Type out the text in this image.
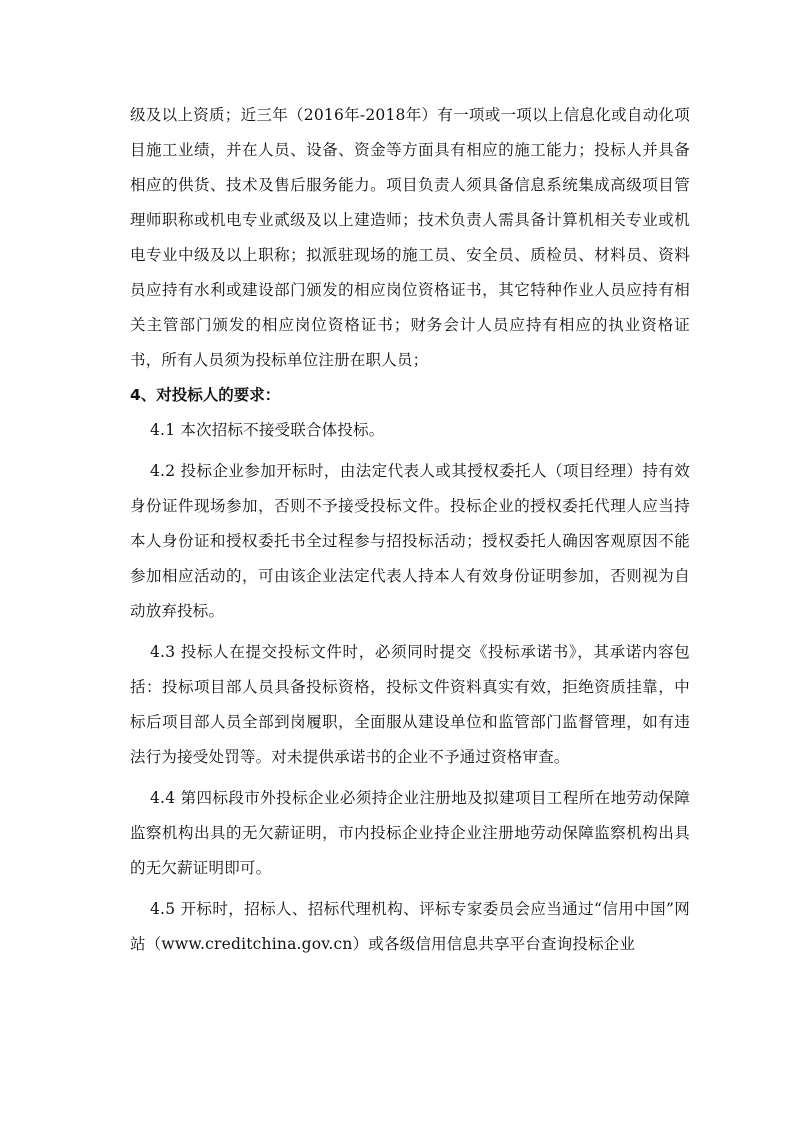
级及以上资质；近三年（2016年-2018年）有一项或一项以上信息化或自动化项目施工业绩，并在人员、设备、资金等方面具有相应的施工能力；投标人并具备相应的供货、技术及售后服务能力。项目负责人须具备信息系统集成高级项目管理师职称或机电专业贰级及以上建造师；技术负责人需具备计算机相关专业或机电专业中级及以上职称；拟派驻现场的施工员、安全员、质检员、材料员、资料员应持有水利或建设部门颁发的相应岗位资格证书，其它特种作业人员应持有相关主管部门颁发的相应岗位资格证书；财务会计人员应持有相应的执业资格证书，所有人员须为投标单位注册在职人员；

4、对投标人的要求：

4.1 本次招标不接受联合体投标。

4.2 投标企业参加开标时，由法定代表人或其授权委托人（项目经理）持有效身份证件现场参加，否则不予接受投标文件。投标企业的授权委托代理人应当持本人身份证和授权委托书全过程参与招投标活动；授权委托人确因客观原因不能参加相应活动的，可由该企业法定代表人持本人有效身份证明参加，否则视为自动放弃投标。

4.3 投标人在提交投标文件时，必须同时提交《投标承诺书》，其承诺内容包括：投标项目部人员具备投标资格，投标文件资料真实有效，拒绝资质挂靠，中标后项目部人员全部到岗履职，全面服从建设单位和监管部门监督管理，如有违法行为接受处罚等。对未提供承诺书的企业不予通过资格审查。

4.4 第四标段市外投标企业必须持企业注册地及拟建项目工程所在地劳动保障监察机构出具的无欠薪证明，市内投标企业持企业注册地劳动保障监察机构出具的无欠薪证明即可。

4.5 开标时，招标人、招标代理机构、评标专家委员会应当通过“信用中国”网站（www.creditchina.gov.cn）或各级信用信息共享平台查询投标企业
